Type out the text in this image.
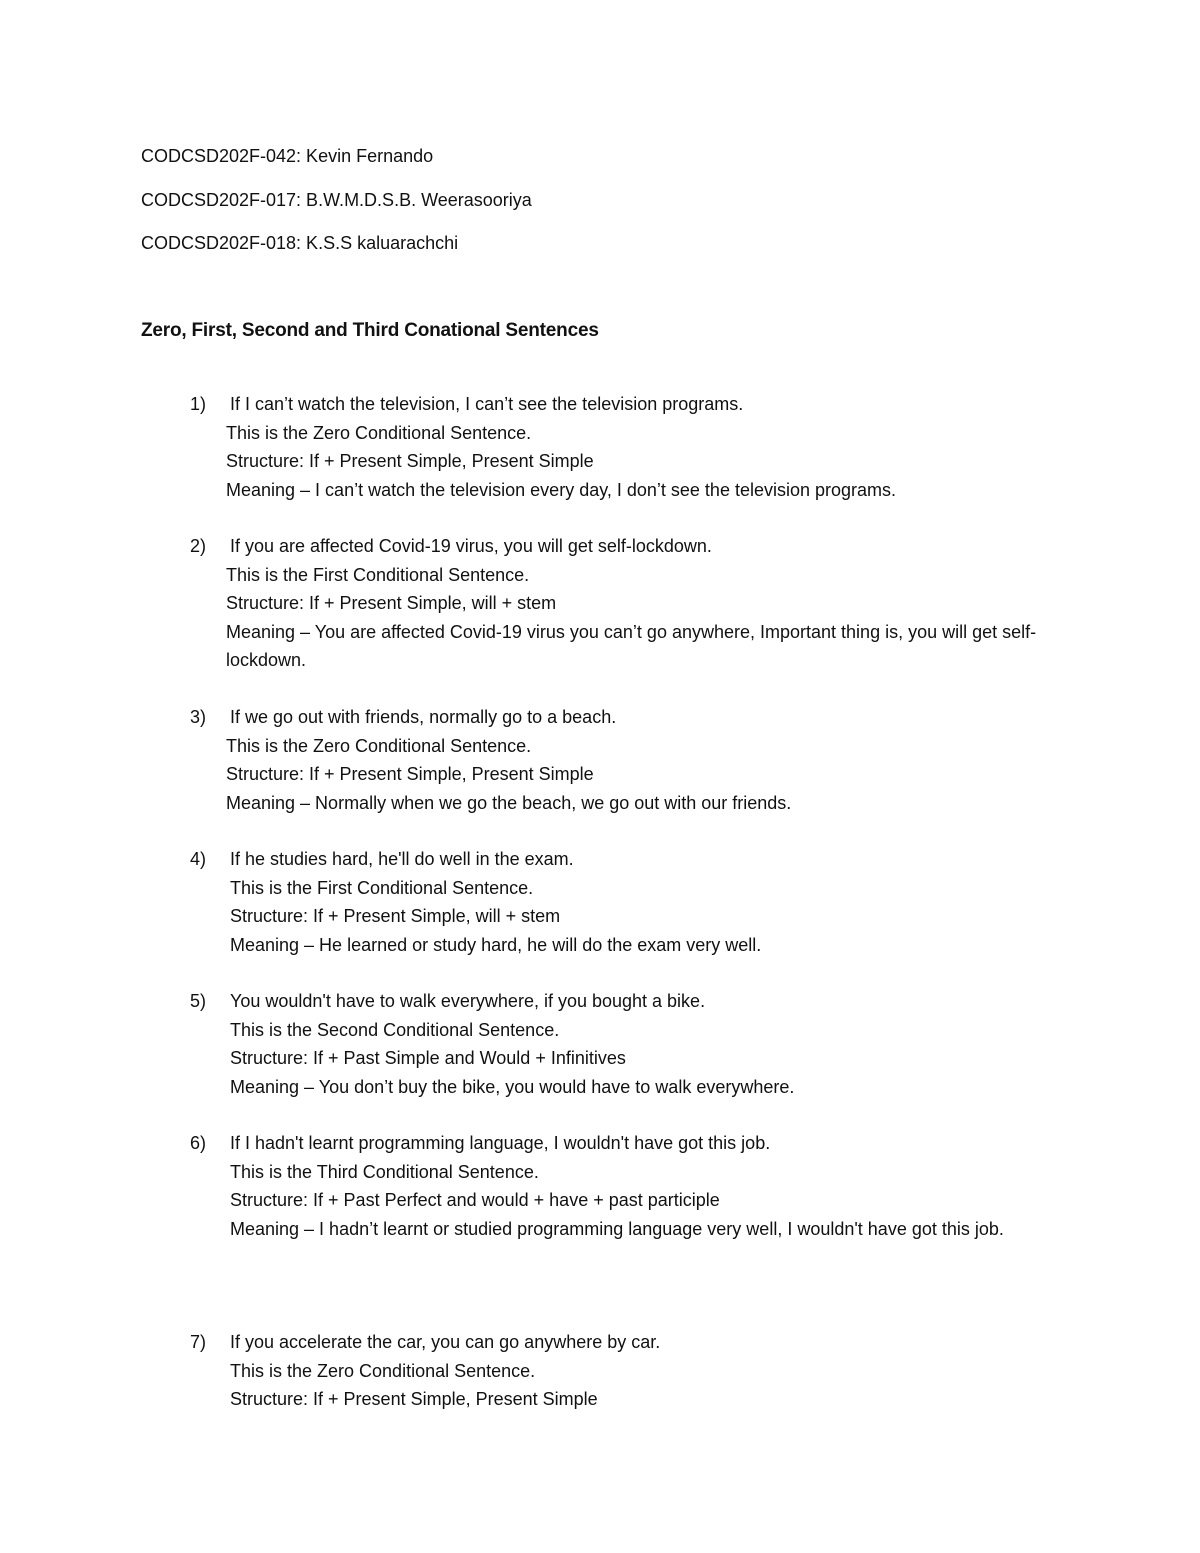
CODCSD202F-042: Kevin Fernando
CODCSD202F-017: B.W.M.D.S.B. Weerasooriya
CODCSD202F-018: K.S.S kaluarachchi
Zero, First, Second and Third Conational Sentences
1)	If I can’t watch the television, I can’t see the television programs.
This is the Zero Conditional Sentence.
Structure: If + Present Simple, Present Simple
Meaning – I can’t watch the television every day, I don’t see the television programs.
2)	If you are affected Covid-19 virus, you will get self-lockdown.
This is the First Conditional Sentence.
Structure: If + Present Simple, will + stem
Meaning – You are affected Covid-19 virus you can’t go anywhere, Important thing is, you will get self-lockdown.
3)	If we go out with friends, normally go to a beach.
This is the Zero Conditional Sentence.
Structure: If + Present Simple, Present Simple
Meaning – Normally when we go the beach, we go out with our friends.
4)	If he studies hard, he'll do well in the exam.
This is the First Conditional Sentence.
Structure: If + Present Simple, will + stem
Meaning – He learned or study hard, he will do the exam very well.
5)	You wouldn't have to walk everywhere, if you bought a bike.
This is the Second Conditional Sentence.
Structure: If + Past Simple and Would + Infinitives
Meaning – You don’t buy the bike, you would have to walk everywhere.
6)	If I hadn't learnt programming language, I wouldn't have got this job.
This is the Third Conditional Sentence.
Structure: If + Past Perfect and would + have + past participle
Meaning – I hadn’t learnt or studied programming language very well, I wouldn't have got this job.
7)	If you accelerate the car, you can go anywhere by car.
This is the Zero Conditional Sentence.
Structure: If + Present Simple, Present Simple
